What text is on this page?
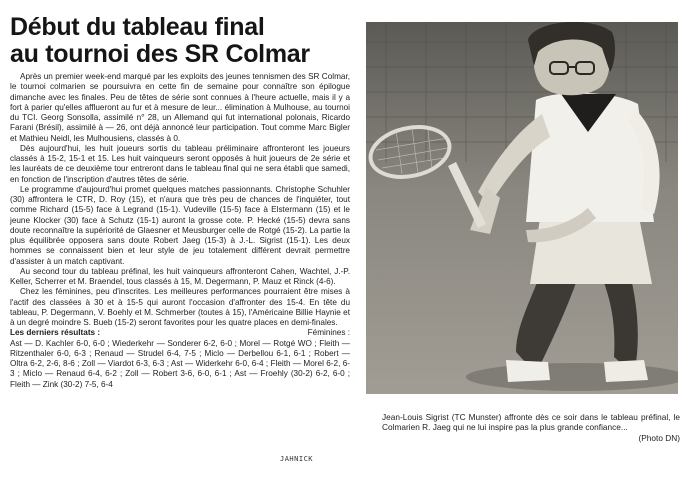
Début du tableau final
au tournoi des SR Colmar

Après un premier week-end marqué par les exploits des jeunes tennismen des SR Colmar, le tournoi colmarien se poursuivra en cette fin de semaine pour connaître son épilogue dimanche avec les finales. Peu de têtes de série sont connues à l'heure actuelle, mais il y a fort à parier qu'elles afflueront au fur et à mesure de leur... élimination à Mulhouse, au tournoi du TCI. Georg Sonsolla, assimilé n° 28, un Allemand qui fut international polonais, Ricardo Farani (Brésil), assimilé à — 26, ont déjà annoncé leur participation. Tout comme Marc Bigler et Mathieu Neidl, les Mulhousiens, classés à 0.

Dès aujourd'hui, les huit joueurs sortis du tableau préliminaire affronteront les joueurs classés à 15-2, 15-1 et 15. Les huit vainqueurs seront opposés à huit joueurs de 2e série et les lauréats de ce deuxième tour entreront dans le tableau final qui ne sera établi que samedi, en fonction de l'inscription d'autres têtes de série.

Le programme d'aujourd'hui promet quelques matches passionnants. Christophe Schuhler (30) affrontera le CTR, D. Roy (15), et n'aura que très peu de chances de l'inquiéter, tout comme Richard (15-5) face à Legrand (15-1). Vudeville (15-5) face à Elstermann (15) et le jeune Klocker (30) face à Schutz (15-1) auront la grosse cote. P. Hecké (15-5) devra sans doute reconnaître la supériorité de Glaesner et Meusburger celle de Rotgé (15-2). La partie la plus équilibrée opposera sans doute Robert Jaeg (15-3) à J.-L. Sigrist (15-1). Les deux hommes se connaissent bien et leur style de jeu totalement différent devrait permettre d'assister à un match captivant.

Au second tour du tableau préfinal, les huit vainqueurs affronteront Cahen, Wachtel, J.-P. Keller, Scherrer et M. Braendel, tous classés à 15, M. Degermann, P. Mauz et Rinck (4-6).

Chez les féminines, peu d'inscrites. Les meilleures performances pourraient être mises à l'actif des classées à 30 et à 15-5 qui auront l'occasion d'affronter des 15-4. En tête du tableau, P. Degermann, V. Boehly et M. Schmerber (toutes à 15), l'Américaine Billie Haynie et à un degré moindre S. Bueb (15-2) seront favorites pour les quatre places en demi-finales.

Les derniers résultats :	Féminines :

Ast — D. Kachler 6-0, 6-0 ; Wiederkehr — Sonderer 6-2, 6-0 ; Morel — Rotgé WO ; Fleith — Ritzenthaler 6-0, 6-3 ; Renaud — Strudel 6-4, 7-5 ; Miclo — Derbellou 6-1, 6-1 ; Robert — Oltra 6-2, 2-6, 8-6 ; Zoll — Viardot 6-3, 6-3 ; Ast — Widerkehr 6-0, 6-4 ; Fleith — Morel 6-2, 6-3 ; Miclo — Renaud 6-4, 6-2 ; Zoll — Robert 3-6, 6-0, 6-1 ; Ast — Froehly (30-2) 6-2, 6-0 ; Fleith — Zink (30-2) 7-5, 6-4

JAHNICK
Jean-Louis Sigrist (TC Munster) affronte dès ce soir dans le tableau préfinal, le Colmarien R. Jaeg qui ne lui inspire pas la plus grande confiance...
(Photo DN)
